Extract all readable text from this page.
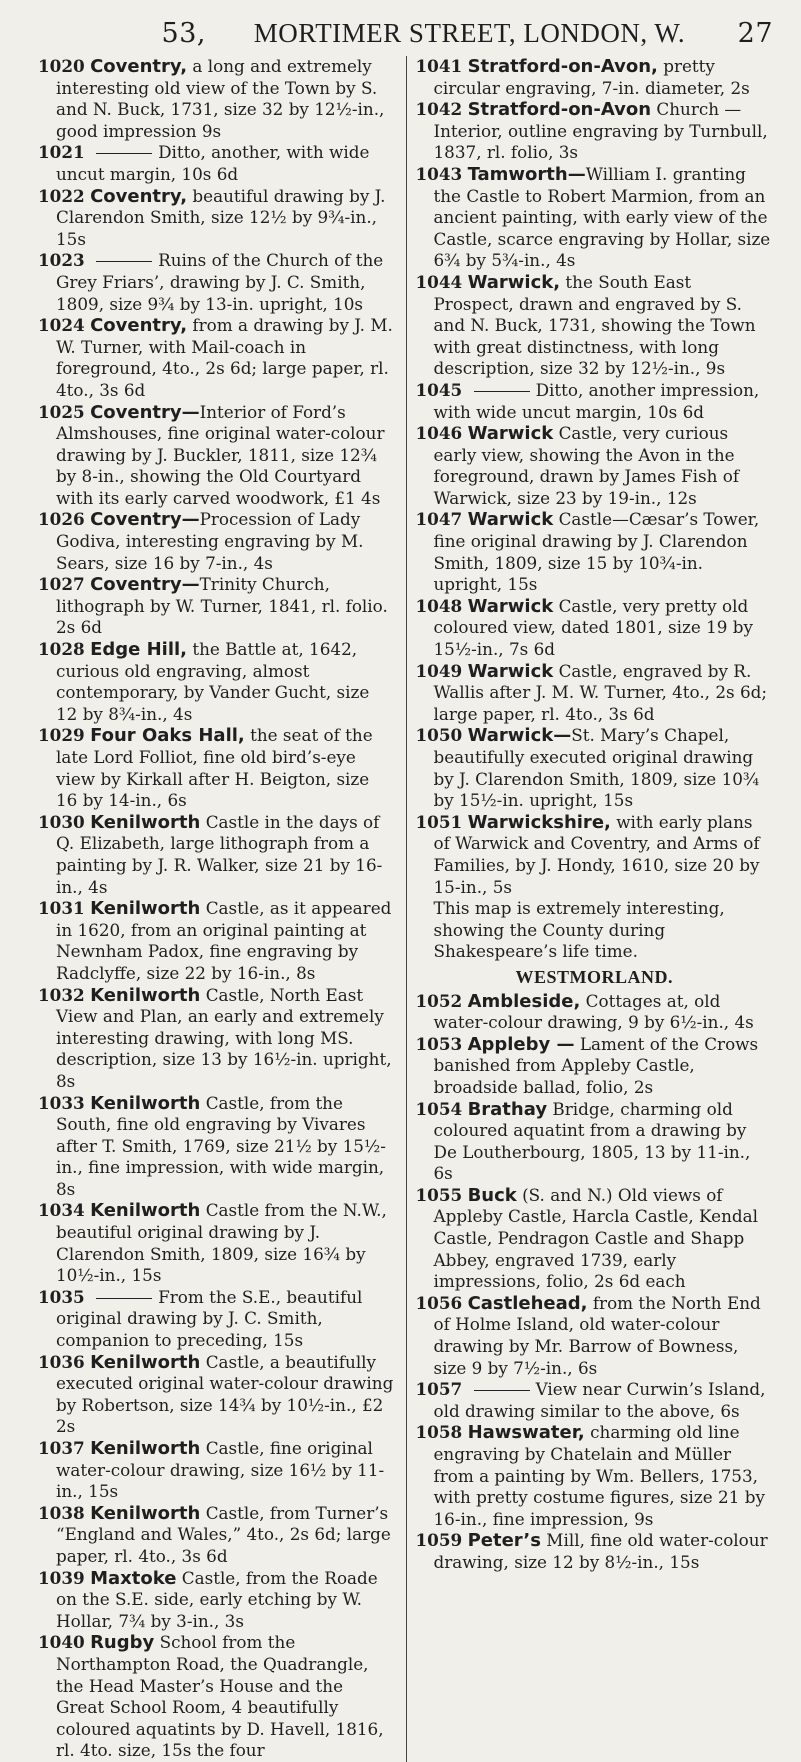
53,	MORTIMER STREET, LONDON, W.	27

1020 Coventry, a long and extremely interesting old view of the Town by S. and N. Buck, 1731, size 32 by 12½-in., good impression 9s

1021	Ditto, another, with wide uncut margin, 10s 6d

1022 Coventry, beautiful drawing by J. Clarendon Smith, size 12½ by 9¾-in., 15s

1023	Ruins of the Church of the Grey Friars’, drawing by J. C. Smith, 1809, size 9¾ by 13-in. upright, 10s

1024 Coventry, from a drawing by J. M. W. Turner, with Mail-coach in foreground, 4to., 2s 6d; large paper, rl. 4to., 3s 6d

1025 Coventry—Interior of Ford’s Almshouses, fine original water-colour drawing by J. Buckler, 1811, size 12¾ by 8-in., showing the Old Courtyard with its early carved woodwork, £1 4s

1026 Coventry—Procession of Lady Godiva, interesting engraving by M. Sears, size 16 by 7-in., 4s

1027 Coventry—Trinity Church, lithograph by W. Turner, 1841, rl. folio. 2s 6d

1028 Edge Hill, the Battle at, 1642, curious old engraving, almost contemporary, by Vander Gucht, size 12 by 8¾-in., 4s

1029 Four Oaks Hall, the seat of the late Lord Folliot, fine old bird’s-eye view by Kirkall after H. Beigton, size 16 by 14-in., 6s

1030 Kenilworth Castle in the days of Q. Elizabeth, large lithograph from a painting by J. R. Walker, size 21 by 16-in., 4s

1031 Kenilworth Castle, as it appeared in 1620, from an original painting at Newnham Padox, fine engraving by Radclyffe, size 22 by 16-in., 8s

1032 Kenilworth Castle, North East View and Plan, an early and extremely interesting drawing, with long MS. description, size 13 by 16½-in. upright, 8s

1033 Kenilworth Castle, from the South, fine old engraving by Vivares after T. Smith, 1769, size 21½ by 15½-in., fine impression, with wide margin, 8s

1034 Kenilworth Castle from the N.W., beautiful original drawing by J. Clarendon Smith, 1809, size 16¾ by 10½-in., 15s

1035	From the S.E., beautiful original drawing by J. C. Smith, companion to preceding, 15s

1036 Kenilworth Castle, a beautifully executed original water-colour drawing by Robertson, size 14¾ by 10½-in., £2 2s

1037 Kenilworth Castle, fine original water-colour drawing, size 16½ by 11-in., 15s

1038 Kenilworth Castle, from Turner’s “England and Wales,” 4to., 2s 6d; large paper, rl. 4to., 3s 6d

1039 Maxtoke Castle, from the Roade on the S.E. side, early etching by W. Hollar, 7¾ by 3-in., 3s

1040 Rugby School from the Northampton Road, the Quadrangle, the Head Master’s House and the Great School Room, 4 beautifully coloured aquatints by D. Havell, 1816, rl. 4to. size, 15s the four

1041 Stratford-on-Avon, pretty circular engraving, 7-in. diameter, 2s

1042 Stratford-on-Avon Church — Interior, outline engraving by Turnbull, 1837, rl. folio, 3s

1043 Tamworth—William I. granting the Castle to Robert Marmion, from an ancient painting, with early view of the Castle, scarce engraving by Hollar, size 6¾ by 5¾-in., 4s

1044 Warwick, the South East Prospect, drawn and engraved by S. and N. Buck, 1731, showing the Town with great distinctness, with long description, size 32 by 12½-in., 9s

1045	Ditto, another impression, with wide uncut margin, 10s 6d

1046 Warwick Castle, very curious early view, showing the Avon in the foreground, drawn by James Fish of Warwick, size 23 by 19-in., 12s

1047 Warwick Castle—Cæsar’s Tower, fine original drawing by J. Clarendon Smith, 1809, size 15 by 10¾-in. upright, 15s

1048 Warwick Castle, very pretty old coloured view, dated 1801, size 19 by 15½-in., 7s 6d

1049 Warwick Castle, engraved by R. Wallis after J. M. W. Turner, 4to., 2s 6d; large paper, rl. 4to., 3s 6d

1050 Warwick—St. Mary’s Chapel, beautifully executed original drawing by J. Clarendon Smith, 1809, size 10¾ by 15½-in. upright, 15s

1051 Warwickshire, with early plans of Warwick and Coventry, and Arms of Families, by J. Hondy, 1610, size 20 by 15-in., 5s

This map is extremely interesting, showing the County during Shakespeare’s life time.

WESTMORLAND.

1052 Ambleside, Cottages at, old water-colour drawing, 9 by 6½-in., 4s

1053 Appleby — Lament of the Crows banished from Appleby Castle, broadside ballad, folio, 2s

1054 Brathay Bridge, charming old coloured aquatint from a drawing by De Loutherbourg, 1805, 13 by 11-in., 6s

1055 Buck (S. and N.) Old views of Appleby Castle, Harcla Castle, Kendal Castle, Pendragon Castle and Shapp Abbey, engraved 1739, early impressions, folio, 2s 6d each

1056 Castlehead, from the North End of Holme Island, old water-colour drawing by Mr. Barrow of Bowness, size 9 by 7½-in., 6s

1057	View near Curwin’s Island, old drawing similar to the above, 6s

1058 Hawswater, charming old line engraving by Chatelain and Müller from a painting by Wm. Bellers, 1753, with pretty costume figures, size 21 by 16-in., fine impression, 9s

1059 Peter’s Mill, fine old water-colour drawing, size 12 by 8½-in., 15s
